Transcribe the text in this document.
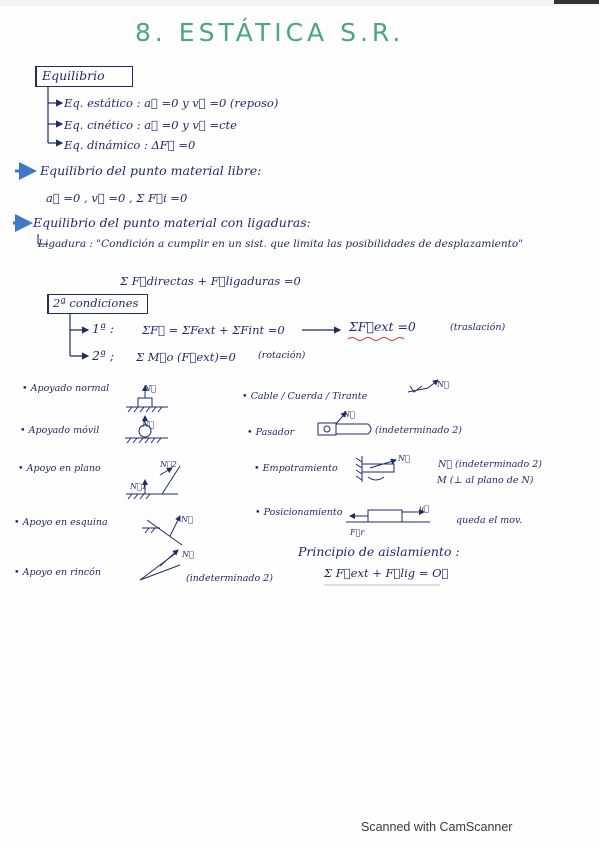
8. ESTÁTICA S.R.
Equilibrio
Eq. estático : a⃗ =0 y v⃗ =0 (reposo)
Eq. cinético : a⃗ =0 y v⃗ =cte
Eq. dinámico : ΔF⃗ =0
Equilibrio del punto material libre:
a⃗ =0 , v⃗ =0 , Σ F⃗i =0
Equilibrio del punto material con ligaduras:
Ligadura : "Condición a cumplir en un sist. que limita las posibilidades de desplazamiento"
Σ F⃗directas + F⃗ligaduras =0
2ª condiciones
1ª : ΣF⃗ = ΣFext + ΣFint =0	ΣF⃗ext =0	(traslación)
2ª ; Σ M⃗o (F⃗ext)=0 (rotación)
• Apoyado normal
• Apoyado móvil
• Apoyo en plano
• Apoyo en esquina
• Apoyo en rincón
• Cable / Cuerda / Tirante
• Pasador
• Empotramiento
• Posicionamiento
(indeterminado 2)
N⃗ (indeterminado 2)
M (⊥ al plano de N)
queda el mov.
(indeterminado 2)
N⃗
N⃗
N⃗2
N⃗1
N⃗
N⃗
N⃗
N⃗
N⃗
u⃗
F⃗r
Principio de aislamiento :
Σ F⃗ext + F⃗lig = O⃗
Scanned with CamScanner
